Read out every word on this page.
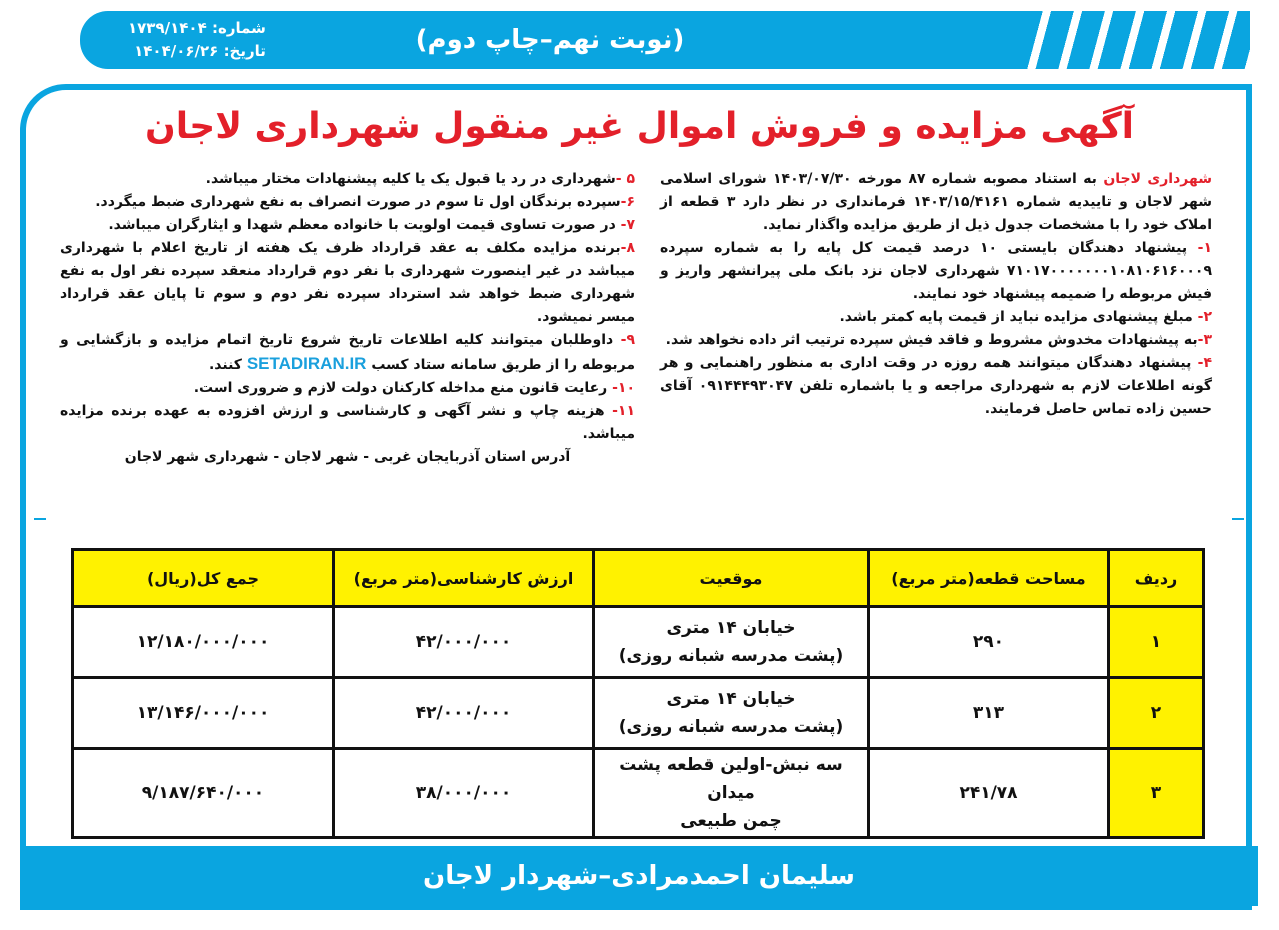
(نوبت نهم–چاپ دوم)
شماره: ۱۷۳۹/۱۴۰۴
تاریخ: ۱۴۰۴/۰۶/۲۶
آگهی مزایده و فروش اموال غیر منقول شهرداری لاجان

شهرداری لاجان به استناد مصوبه شماره ۸۷ مورخه ۱۴۰۳/۰۷/۳۰ شورای اسلامی شهر لاجان و تاییدیه شماره ۱۴۰۳/۱۵/۴۱۶۱ فرمانداری در نظر دارد ۳ قطعه از املاک خود را با مشخصات جدول ذیل از طریق مزایده واگذار نماید.

۱- پیشنهاد دهندگان بایستی ۱۰ درصد قیمت کل پایه را به شماره سپرده ۷۱۰۱۷۰۰۰۰۰۰۰۱۰۸۱۰۶۱۶۰۰۰۹ شهرداری لاجان نزد بانک ملی پیرانشهر واریز و فیش مربوطه را ضمیمه پیشنهاد خود نمایند.

۲- مبلغ پیشنهادی مزایده نباید از قیمت پایه کمتر باشد.

۳-به پیشنهادات مخدوش مشروط و فاقد فیش سپرده ترتیب اثر داده نخواهد شد.

۴- پیشنهاد دهندگان میتوانند همه روزه در وقت اداری به منظور راهنمایی و هر گونه اطلاعات لازم به شهرداری مراجعه و یا باشماره تلفن ۰۹۱۴۴۴۹۳۰۴۷ آقای حسین زاده تماس حاصل فرمایند.

۵ -شهرداری در رد یا قبول یک یا کلیه پیشنهادات مختار میباشد.

۶-سپرده برندگان اول تا سوم در صورت انصراف به نفع شهرداری ضبط میگردد.

۷- در صورت تساوی قیمت اولویت با خانواده معظم شهدا و ایثارگران میباشد.

۸-برنده مزایده مکلف به عقد قرارداد ظرف یک هفته از تاریخ اعلام با شهرداری میباشد در غیر اینصورت شهرداری با نفر دوم قرارداد منعقد سپرده نفر اول به نفع شهرداری ضبط خواهد شد استرداد سپرده نفر دوم و سوم تا پایان عقد قرارداد میسر نمیشود.

۹- داوطلبان میتوانند کلیه اطلاعات تاریخ شروع تاریخ اتمام مزایده و بازگشایی و مربوطه را از طریق سامانه ستاد کسب SETADIRAN.IR کنند.

۱۰- رعایت قانون منع مداخله کارکنان دولت لازم و ضروری است.

۱۱- هزینه چاپ و نشر آگهی و کارشناسی و ارزش افزوده به عهده برنده مزایده میباشد.

آدرس استان آذربایجان غربی - شهر لاجان - شهرداری شهر لاجان

ردیف	مساحت قطعه(متر مربع)	موقعیت	ارزش کارشناسی(متر مربع)	جمع کل(ریال)
۱	۲۹۰	خیابان ۱۴ متری
(پشت مدرسه شبانه روزی)	۴۲/۰۰۰/۰۰۰	۱۲/۱۸۰/۰۰۰/۰۰۰
۲	۳۱۳	خیابان ۱۴ متری
(پشت مدرسه شبانه روزی)	۴۲/۰۰۰/۰۰۰	۱۳/۱۴۶/۰۰۰/۰۰۰
۳	۲۴۱/۷۸	سه نبش-اولین قطعه پشت میدان
چمن طبیعی	۳۸/۰۰۰/۰۰۰	۹/۱۸۷/۶۴۰/۰۰۰
سلیمان احمدمرادی–شهردار لاجان
